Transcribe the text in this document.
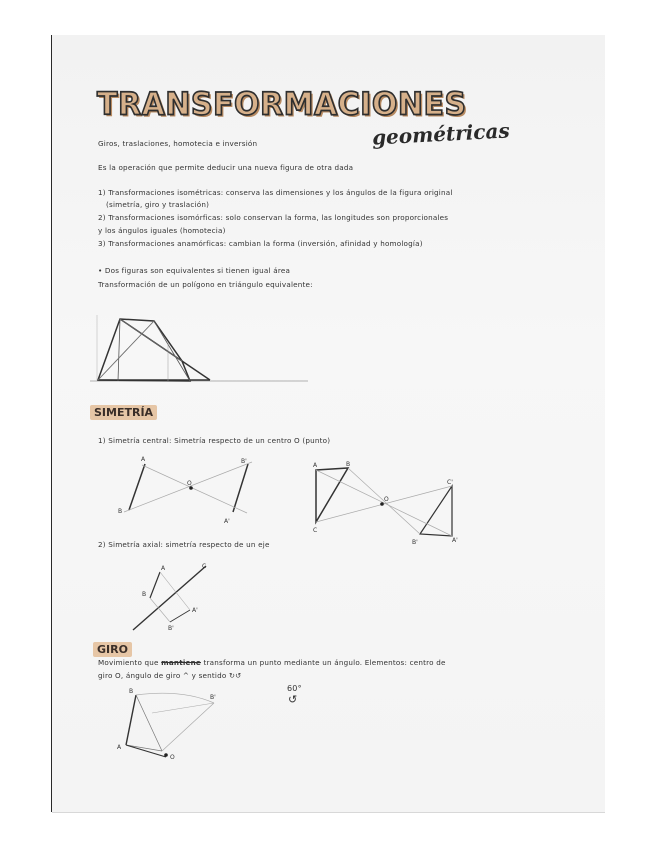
TRANSFORMACIONES
geométricas
Giros, traslaciones, homotecia e inversión
Es la operación que permite deducir una nueva figura de otra dada
1) Transformaciones isométricas: conserva las dimensiones y los ángulos de la figura original
(simetría, giro y traslación)
2) Transformaciones isomórficas: solo conservan la forma, las longitudes son proporcionales
y los ángulos iguales (homotecia)
3) Transformaciones anamórficas: cambian la forma (inversión, afinidad y homología)
• Dos figuras son equivalentes si tienen igual área
Transformación de un polígono en triángulo equivalente:
SIMETRÍA
1) Simetría central: Simetría respecto de un centro O (punto)
A
B
O
B'
A'
A	B
C
O
C'
B'	A'
2) Simetría axial: simetría respecto de un eje
A
B
C
A'
B'
GIRO
Movimiento que mantiene transforma un punto mediante un ángulo. Elementos: centro de
giro O, ángulo de giro ^ y sentido ↻↺
60°
↺
B
A
O
B'
